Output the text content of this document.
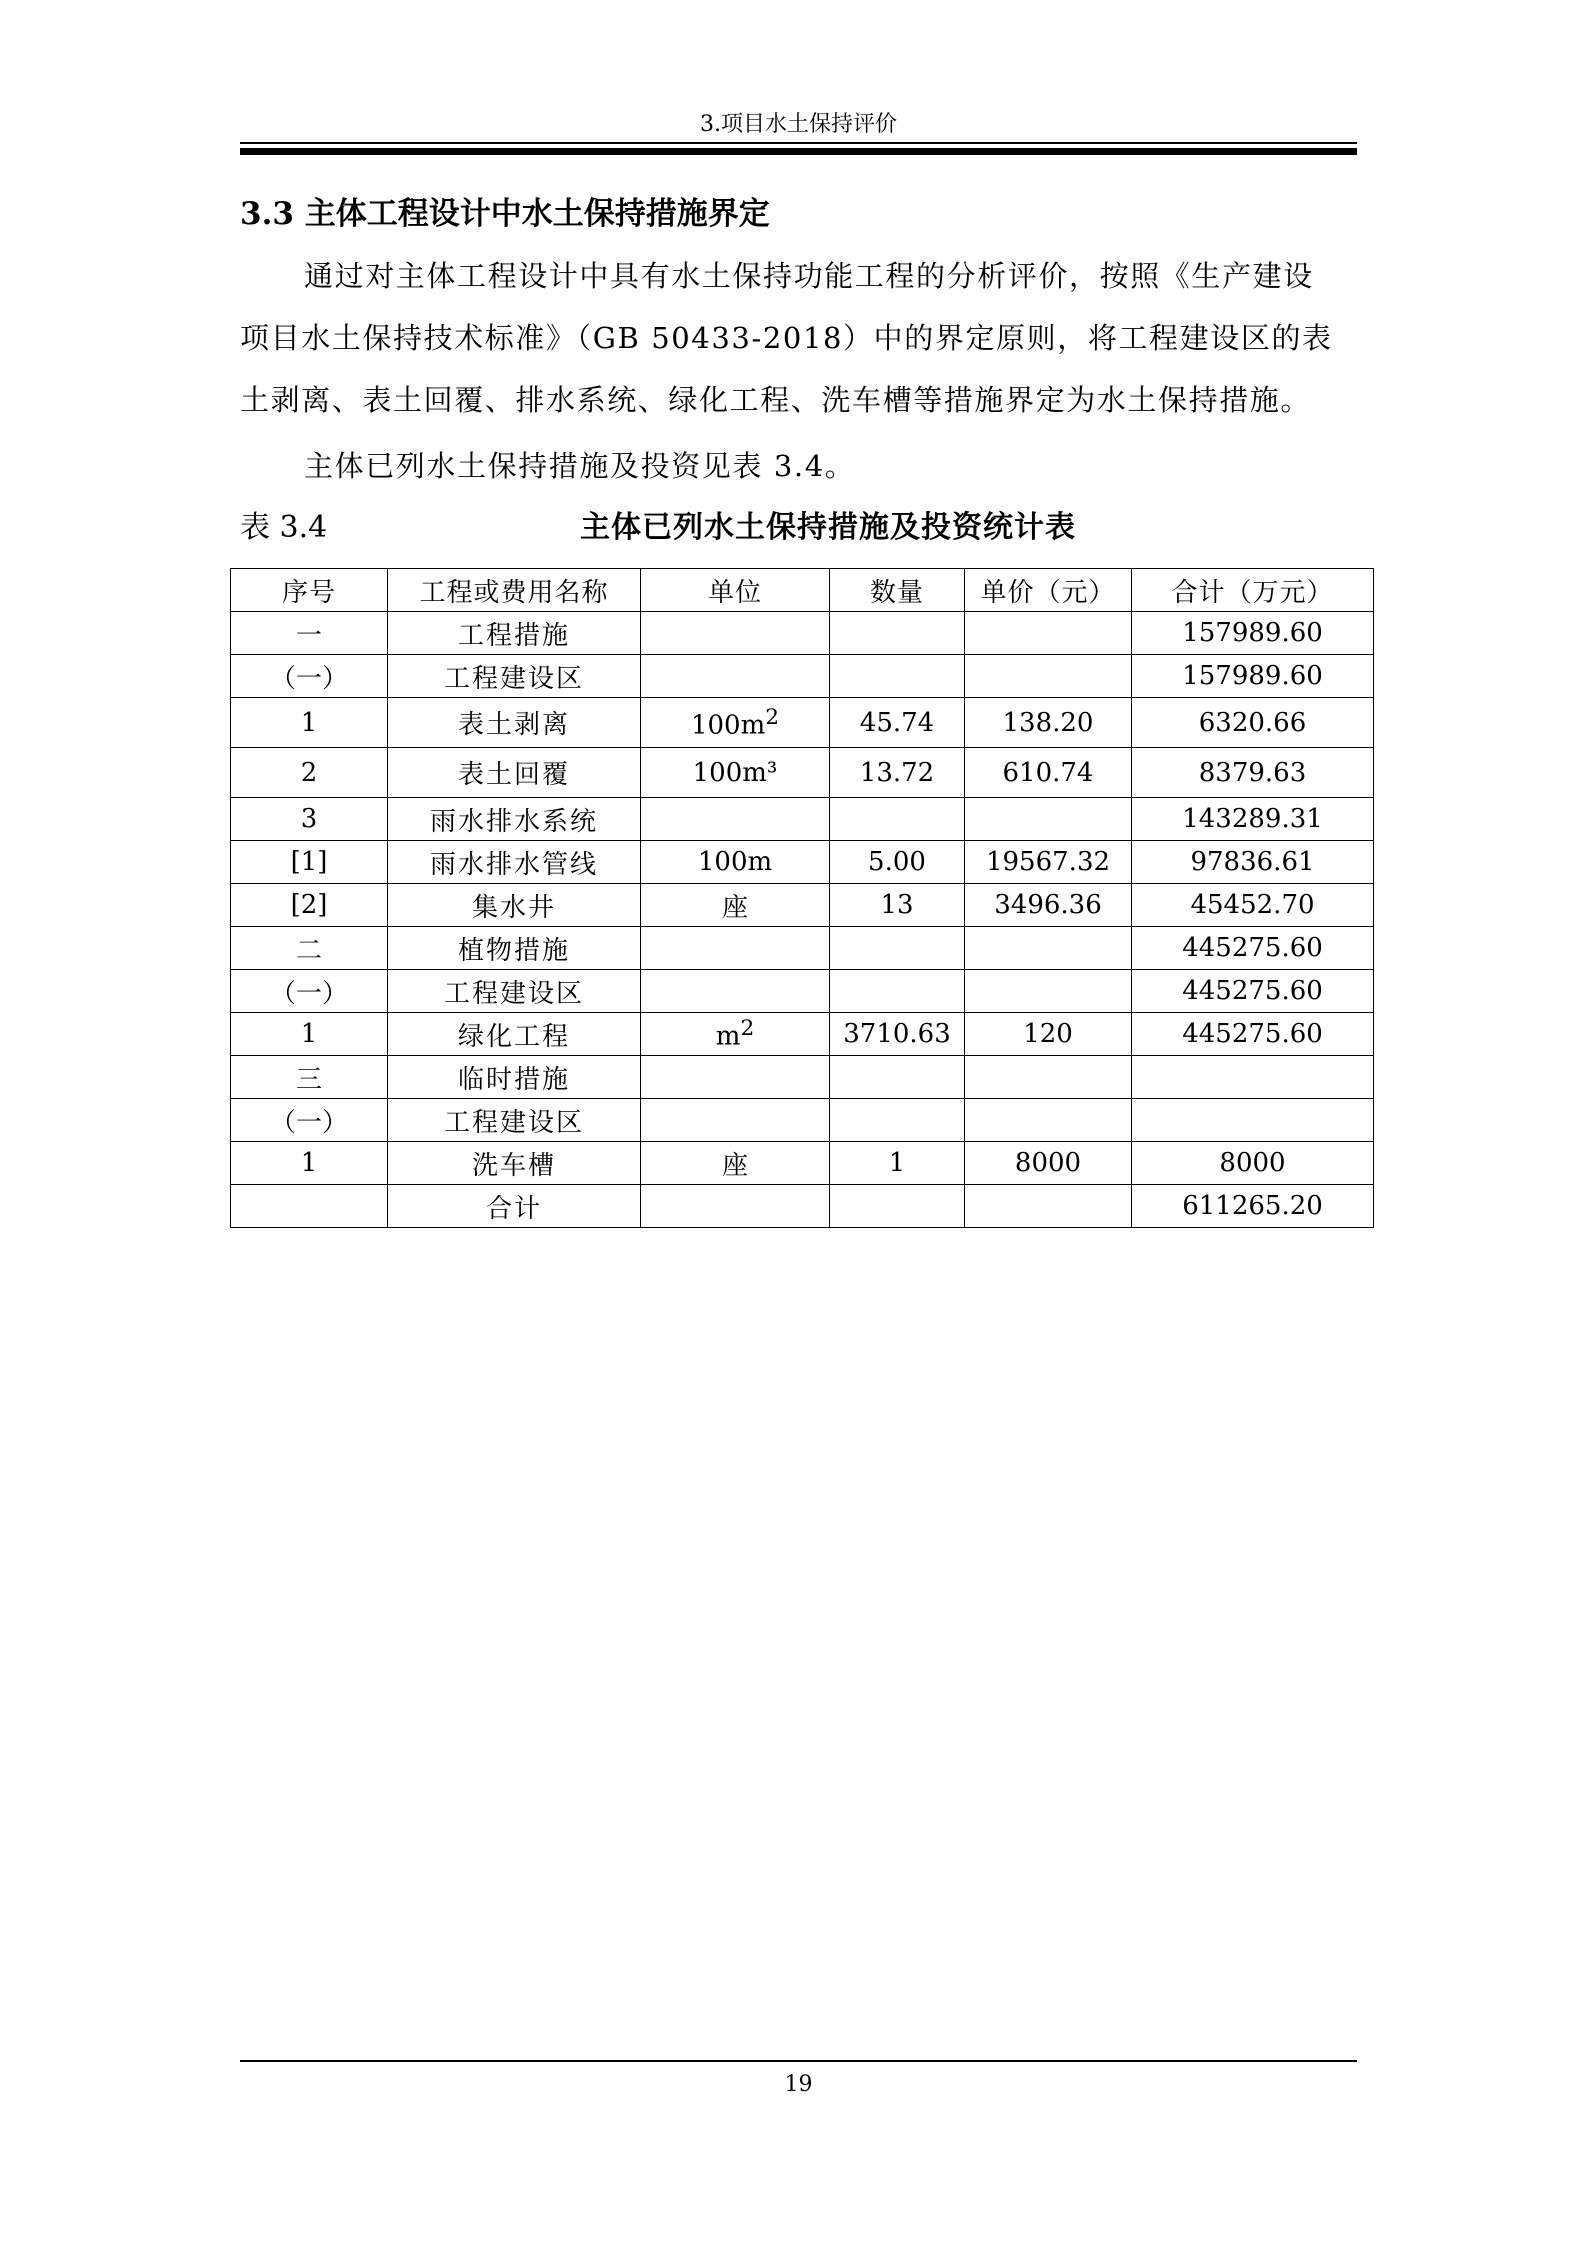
3.项目水土保持评价
3.3 主体工程设计中水土保持措施界定
通过对主体工程设计中具有水土保持功能工程的分析评价，按照《生产建设
项目水土保持技术标准》（GB 50433-2018）中的界定原则，将工程建设区的表
土剥离、表土回覆、排水系统、绿化工程、洗车槽等措施界定为水土保持措施。
主体已列水土保持措施及投资见表 3.4。
表 3.4	主体已列水土保持措施及投资统计表
序号	工程或费用名称	单位	数量	单价（元）	合计（万元）
一	工程措施				157989.60
（一）	工程建设区				157989.60
1	表土剥离	$100m^2$	45.74	138.20	6320.66
2	表土回覆	100m³	13.72	610.74	8379.63
3	雨水排水系统				143289.31
[1]	雨水排水管线	100m	5.00	19567.32	97836.61
[2]	集水井	座	13	3496.36	45452.70
二	植物措施				445275.60
（一）	工程建设区				445275.60
1	绿化工程	$m^2$	3710.63	120	445275.60
三	临时措施				
（一）	工程建设区				
1	洗车槽	座	1	8000	8000
	合计				611265.20
19
